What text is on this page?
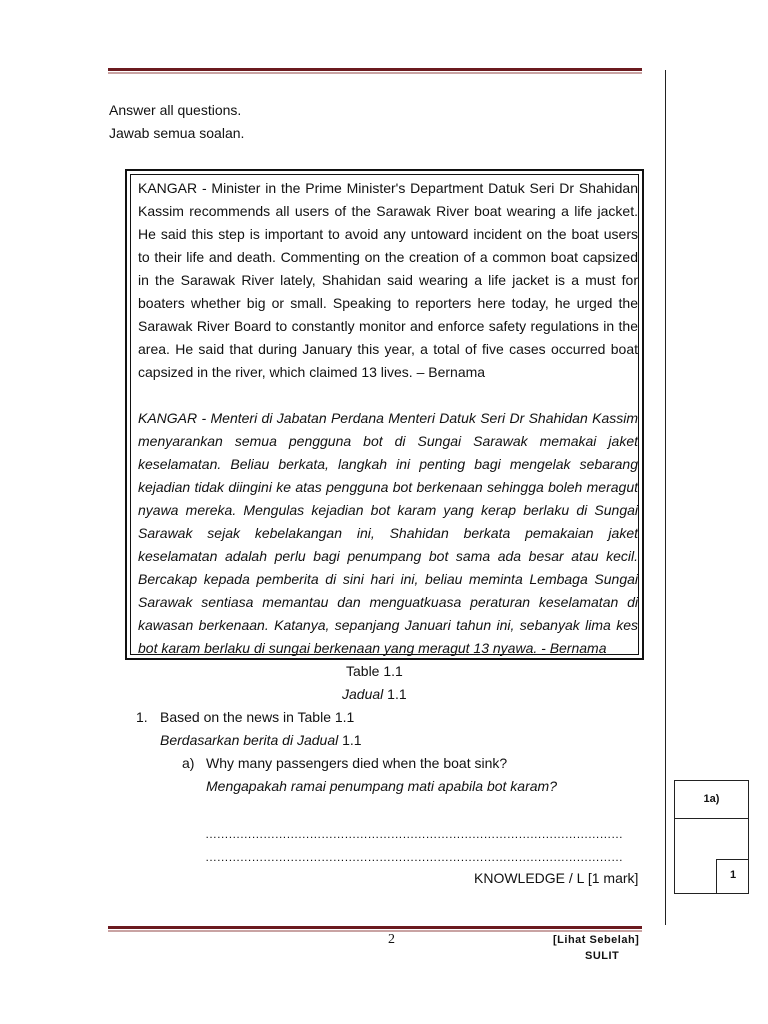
Answer all questions.
Jawab semua soalan.

KANGAR - Minister in the Prime Minister's Department Datuk Seri Dr Shahidan Kassim recommends all users of the Sarawak River boat wearing a life jacket. He said this step is important to avoid any untoward incident on the boat users to their life and death. Commenting on the creation of a common boat capsized in the Sarawak River lately, Shahidan said wearing a life jacket is a must for boaters whether big or small. Speaking to reporters here today, he urged the Sarawak River Board to constantly monitor and enforce safety regulations in the area. He said that during January this year, a total of five cases occurred boat capsized in the river, which claimed 13 lives. – Bernama

KANGAR - Menteri di Jabatan Perdana Menteri Datuk Seri Dr Shahidan Kassim menyarankan semua pengguna bot di Sungai Sarawak memakai jaket keselamatan. Beliau berkata, langkah ini penting bagi mengelak sebarang kejadian tidak diingini ke atas pengguna bot berkenaan sehingga boleh meragut nyawa mereka. Mengulas kejadian bot karam yang kerap berlaku di Sungai Sarawak sejak kebelakangan ini, Shahidan berkata pemakaian jaket keselamatan adalah perlu bagi penumpang bot sama ada besar atau kecil. Bercakap kepada pemberita di sini hari ini, beliau meminta Lembaga Sungai Sarawak sentiasa memantau dan menguatkuasa peraturan keselamatan di kawasan berkenaan. Katanya, sepanjang Januari tahun ini, sebanyak lima kes bot karam berlaku di sungai berkenaan yang meragut 13 nyawa. - Bernama

Table 1.1
Jadual 1.1
1. Based on the news in Table 1.1
Berdasarkan berita di Jadual 1.1
a) Why many passengers died when the boat sink?
Mengapakah ramai penumpang mati apabila bot karam?
………………………………………………………………………………………………
………………………………………………………………………………………………
KNOWLEDGE / L [1 mark]
1a)
1
2	[Lihat Sebelah]
SULIT
